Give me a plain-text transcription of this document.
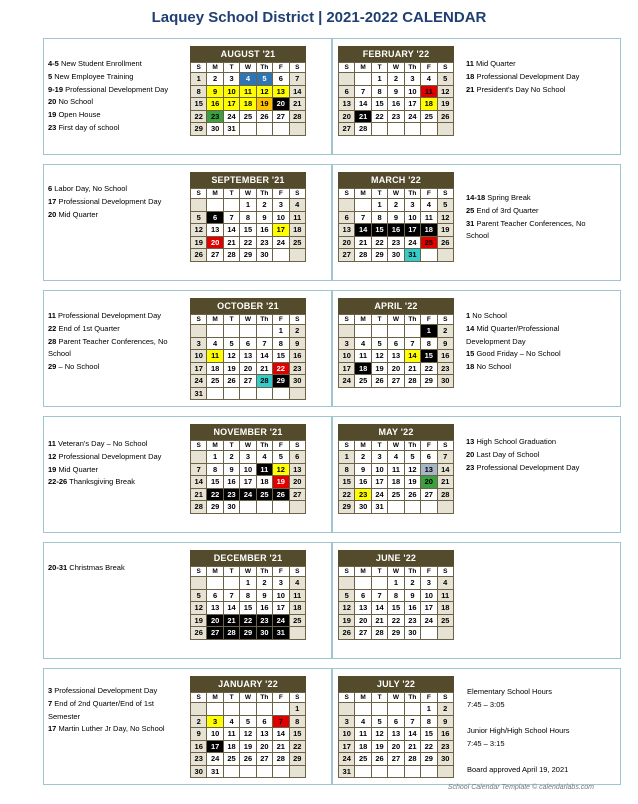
Laquey School District | 2021-2022 CALENDAR
AUGUST '21
S	M	T	W	Th	F	S
1	2	3	4	5	6	7
8	9	10	11	12	13	14
15	16	17	18	19	20	21
22	23	24	25	26	27	28
29	30	31				
FEBRUARY '22
S	M	T	W	Th	F	S
		1	2	3	4	5
6	7	8	9	10	11	12
13	14	15	16	17	18	19
20	21	22	23	24	25	26
27	28					
SEPTEMBER '21
S	M	T	W	Th	F	S
			1	2	3	4
5	6	7	8	9	10	11
12	13	14	15	16	17	18
19	20	21	22	23	24	25
26	27	28	29	30		
MARCH '22
S	M	T	W	Th	F	S
		1	2	3	4	5
6	7	8	9	10	11	12
13	14	15	16	17	18	19
20	21	22	23	24	25	26
27	28	29	30	31		
OCTOBER '21
S	M	T	W	Th	F	S
					1	2
3	4	5	6	7	8	9
10	11	12	13	14	15	16
17	18	19	20	21	22	23
24	25	26	27	28	29	30
31						
APRIL '22
S	M	T	W	Th	F	S
					1	2
3	4	5	6	7	8	9
10	11	12	13	14	15	16
17	18	19	20	21	22	23
24	25	26	27	28	29	30
NOVEMBER '21
S	M	T	W	Th	F	S
	1	2	3	4	5	6
7	8	9	10	11	12	13
14	15	16	17	18	19	20
21	22	23	24	25	26	27
28	29	30				
MAY '22
S	M	T	W	Th	F	S
1	2	3	4	5	6	7
8	9	10	11	12	13	14
15	16	17	18	19	20	21
22	23	24	25	26	27	28
29	30	31				
DECEMBER '21
S	M	T	W	Th	F	S
			1	2	3	4
5	6	7	8	9	10	11
12	13	14	15	16	17	18
19	20	21	22	23	24	25
26	27	28	29	30	31	
JUNE '22
S	M	T	W	Th	F	S
			1	2	3	4
5	6	7	8	9	10	11
12	13	14	15	16	17	18
19	20	21	22	23	24	25
26	27	28	29	30		
JANUARY '22
S	M	T	W	Th	F	S
						1
2	3	4	5	6	7	8
9	10	11	12	13	14	15
16	17	18	19	20	21	22
23	24	25	26	27	28	29
30	31					
JULY '22
S	M	T	W	Th	F	S
					1	2
3	4	5	6	7	8	9
10	11	12	13	14	15	16
17	18	19	20	21	22	23
24	25	26	27	28	29	30
31						
4-5 New Student Enrollment
5 New Employee Training
9-19 Professional Development Day
20 No School
19 Open House
23 First day of school
11 Mid Quarter
18 Professional Development Day
21 President's Day No School
6 Labor Day, No School
17 Professional Development Day
20 Mid Quarter
14-18 Spring Break
25 End of 3rd Quarter
31 Parent Teacher Conferences, No School
11 Professional Development Day
22 End of 1st Quarter
28 Parent Teacher Conferences, No School
29 – No School
1 No School
14 Mid Quarter/Professional Development Day
15 Good Friday – No School
18 No School
11 Veteran's Day – No School
12 Professional Development Day
19 Mid Quarter
22-26 Thanksgiving Break
13 High School Graduation
20 Last Day of School
23 Professional Development Day
20-31 Christmas Break
3 Professional Development Day
7 End of 2nd Quarter/End of 1st Semester
17 Martin Luther Jr Day, No School
Elementary School Hours
7:45 – 3:05
Junior High/High School Hours
7:45 – 3:15
Board approved April 19, 2021
School Calendar Template © calendarlabs.com
